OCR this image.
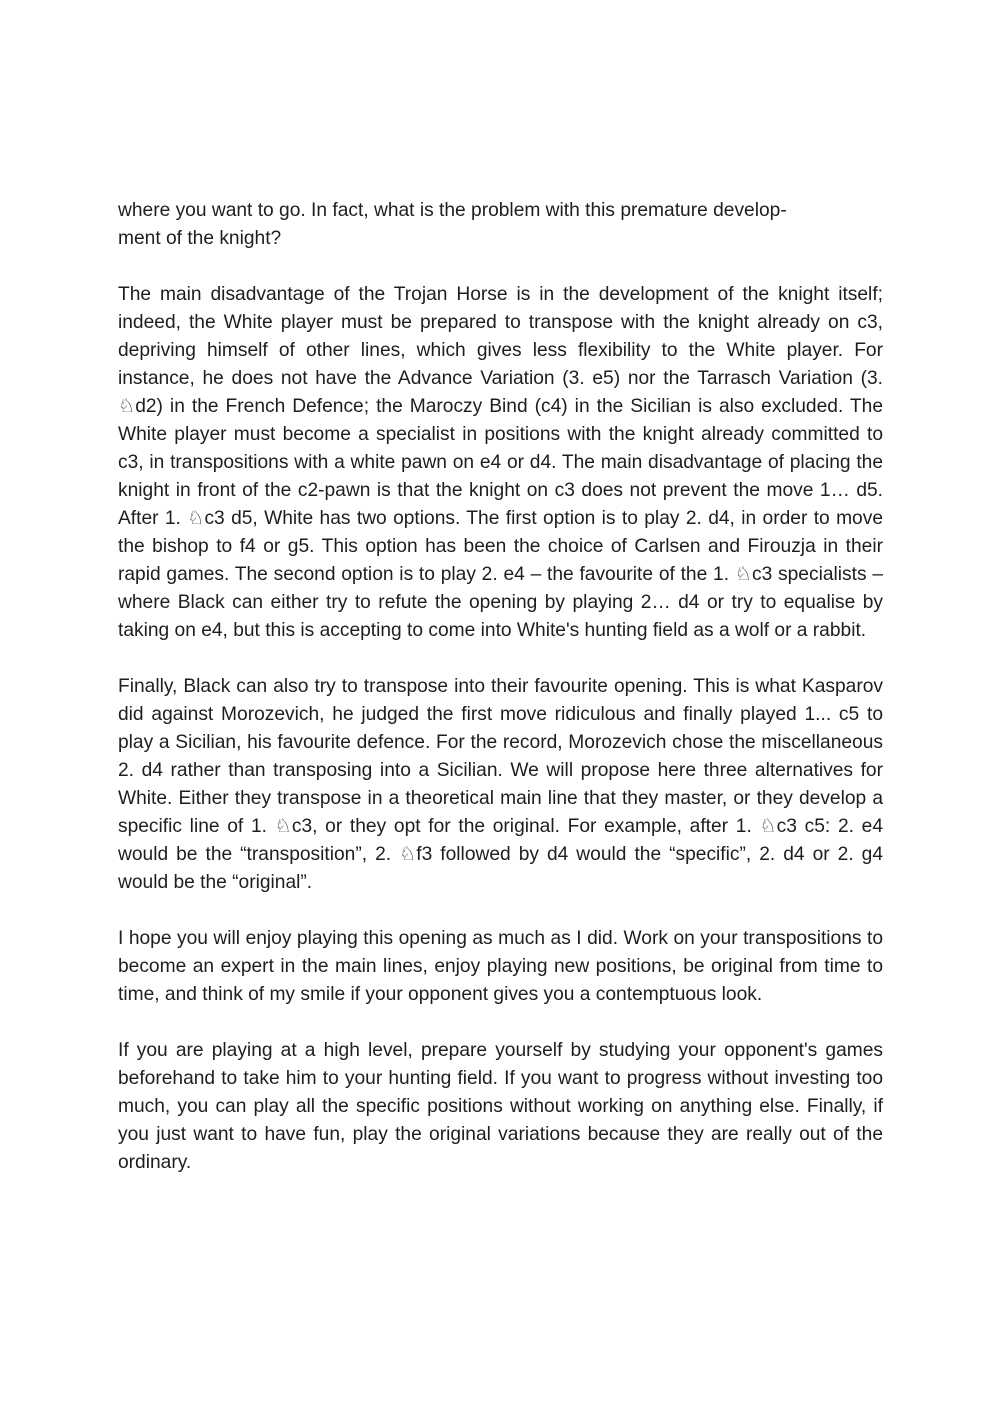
where you want to go. In fact, what is the problem with this premature develop-
ment of the knight?

The main disadvantage of the Trojan Horse is in the development of the knight itself; indeed, the White player must be prepared to transpose with the knight already on c3, depriving himself of other lines, which gives less flexibility to the White player. For instance, he does not have the Advance Variation (3. e5) nor the Tarrasch Variation (3. ♘d2) in the French Defence; the Maroczy Bind (c4) in the Sicilian is also excluded. The White player must become a specialist in positions with the knight already committed to c3, in transpositions with a white pawn on e4 or d4. The main disadvantage of placing the knight in front of the c2-pawn is that the knight on c3 does not prevent the move 1… d5. After 1. ♘c3 d5, White has two options. The first option is to play 2. d4, in order to move the bishop to f4 or g5. This option has been the choice of Carlsen and Firouzja in their rapid games. The second option is to play 2. e4 – the favourite of the 1. ♘c3 specialists – where Black can either try to refute the opening by playing 2… d4 or try to equalise by taking on e4, but this is accepting to come into White's hunting field as a wolf or a rabbit.

Finally, Black can also try to transpose into their favourite opening. This is what Kasparov did against Morozevich, he judged the first move ridiculous and finally played 1... c5 to play a Sicilian, his favourite defence. For the record, Morozevich chose the miscellaneous 2. d4 rather than transposing into a Sicilian. We will propose here three alternatives for White. Either they transpose in a theoretical main line that they master, or they develop a specific line of 1. ♘c3, or they opt for the original. For example, after 1. ♘c3 c5: 2. e4 would be the “transposition”, 2. ♘f3 followed by d4 would the “specific”, 2. d4 or 2. g4 would be the “original”.

I hope you will enjoy playing this opening as much as I did. Work on your transpositions to become an expert in the main lines, enjoy playing new positions, be original from time to time, and think of my smile if your opponent gives you a contemptuous look.

If you are playing at a high level, prepare yourself by studying your opponent's games beforehand to take him to your hunting field. If you want to progress without investing too much, you can play all the specific positions without working on anything else. Finally, if you just want to have fun, play the original variations because they are really out of the ordinary.
